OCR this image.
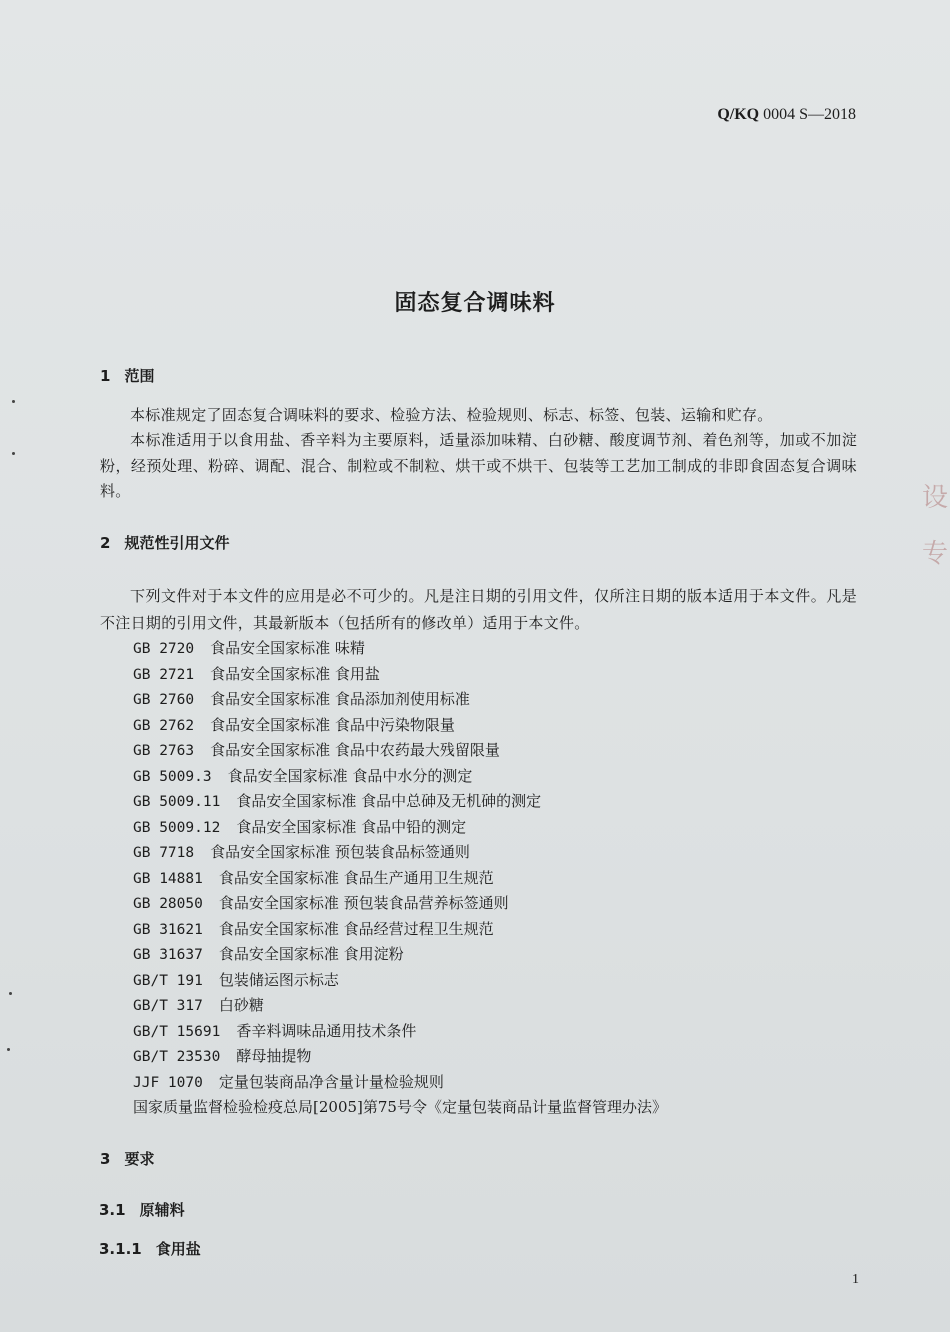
Q/KQ 0004 S—2018
固态复合调味料
1 范围
本标准规定了固态复合调味料的要求、检验方法、检验规则、标志、标签、包装、运输和贮存。
本标准适用于以食用盐、香辛料为主要原料，适量添加味精、白砂糖、酸度调节剂、着色剂等，加或不加淀粉，经预处理、粉碎、调配、混合、制粒或不制粒、烘干或不烘干、包装等工艺加工制成的非即食固态复合调味料。
2 规范性引用文件
下列文件对于本文件的应用是必不可少的。凡是注日期的引用文件，仅所注日期的版本适用于本文件。凡是不注日期的引用文件，其最新版本（包括所有的修改单）适用于本文件。
GB 2720 食品安全国家标准 味精
GB 2721 食品安全国家标准 食用盐
GB 2760 食品安全国家标准 食品添加剂使用标准
GB 2762 食品安全国家标准 食品中污染物限量
GB 2763 食品安全国家标准 食品中农药最大残留限量
GB 5009.3 食品安全国家标准 食品中水分的测定
GB 5009.11 食品安全国家标准 食品中总砷及无机砷的测定
GB 5009.12 食品安全国家标准 食品中铅的测定
GB 7718 食品安全国家标准 预包装食品标签通则
GB 14881 食品安全国家标准 食品生产通用卫生规范
GB 28050 食品安全国家标准 预包装食品营养标签通则
GB 31621 食品安全国家标准 食品经营过程卫生规范
GB 31637 食品安全国家标准 食用淀粉
GB/T 191 包装储运图示标志
GB/T 317 白砂糖
GB/T 15691 香辛料调味品通用技术条件
GB/T 23530 酵母抽提物
JJF 1070 定量包装商品净含量计量检验规则
国家质量监督检验检疫总局[2005]第75号令《定量包装商品计量监督管理办法》
3 要求
3.1 原辅料
3.1.1 食用盐
1
设 专
